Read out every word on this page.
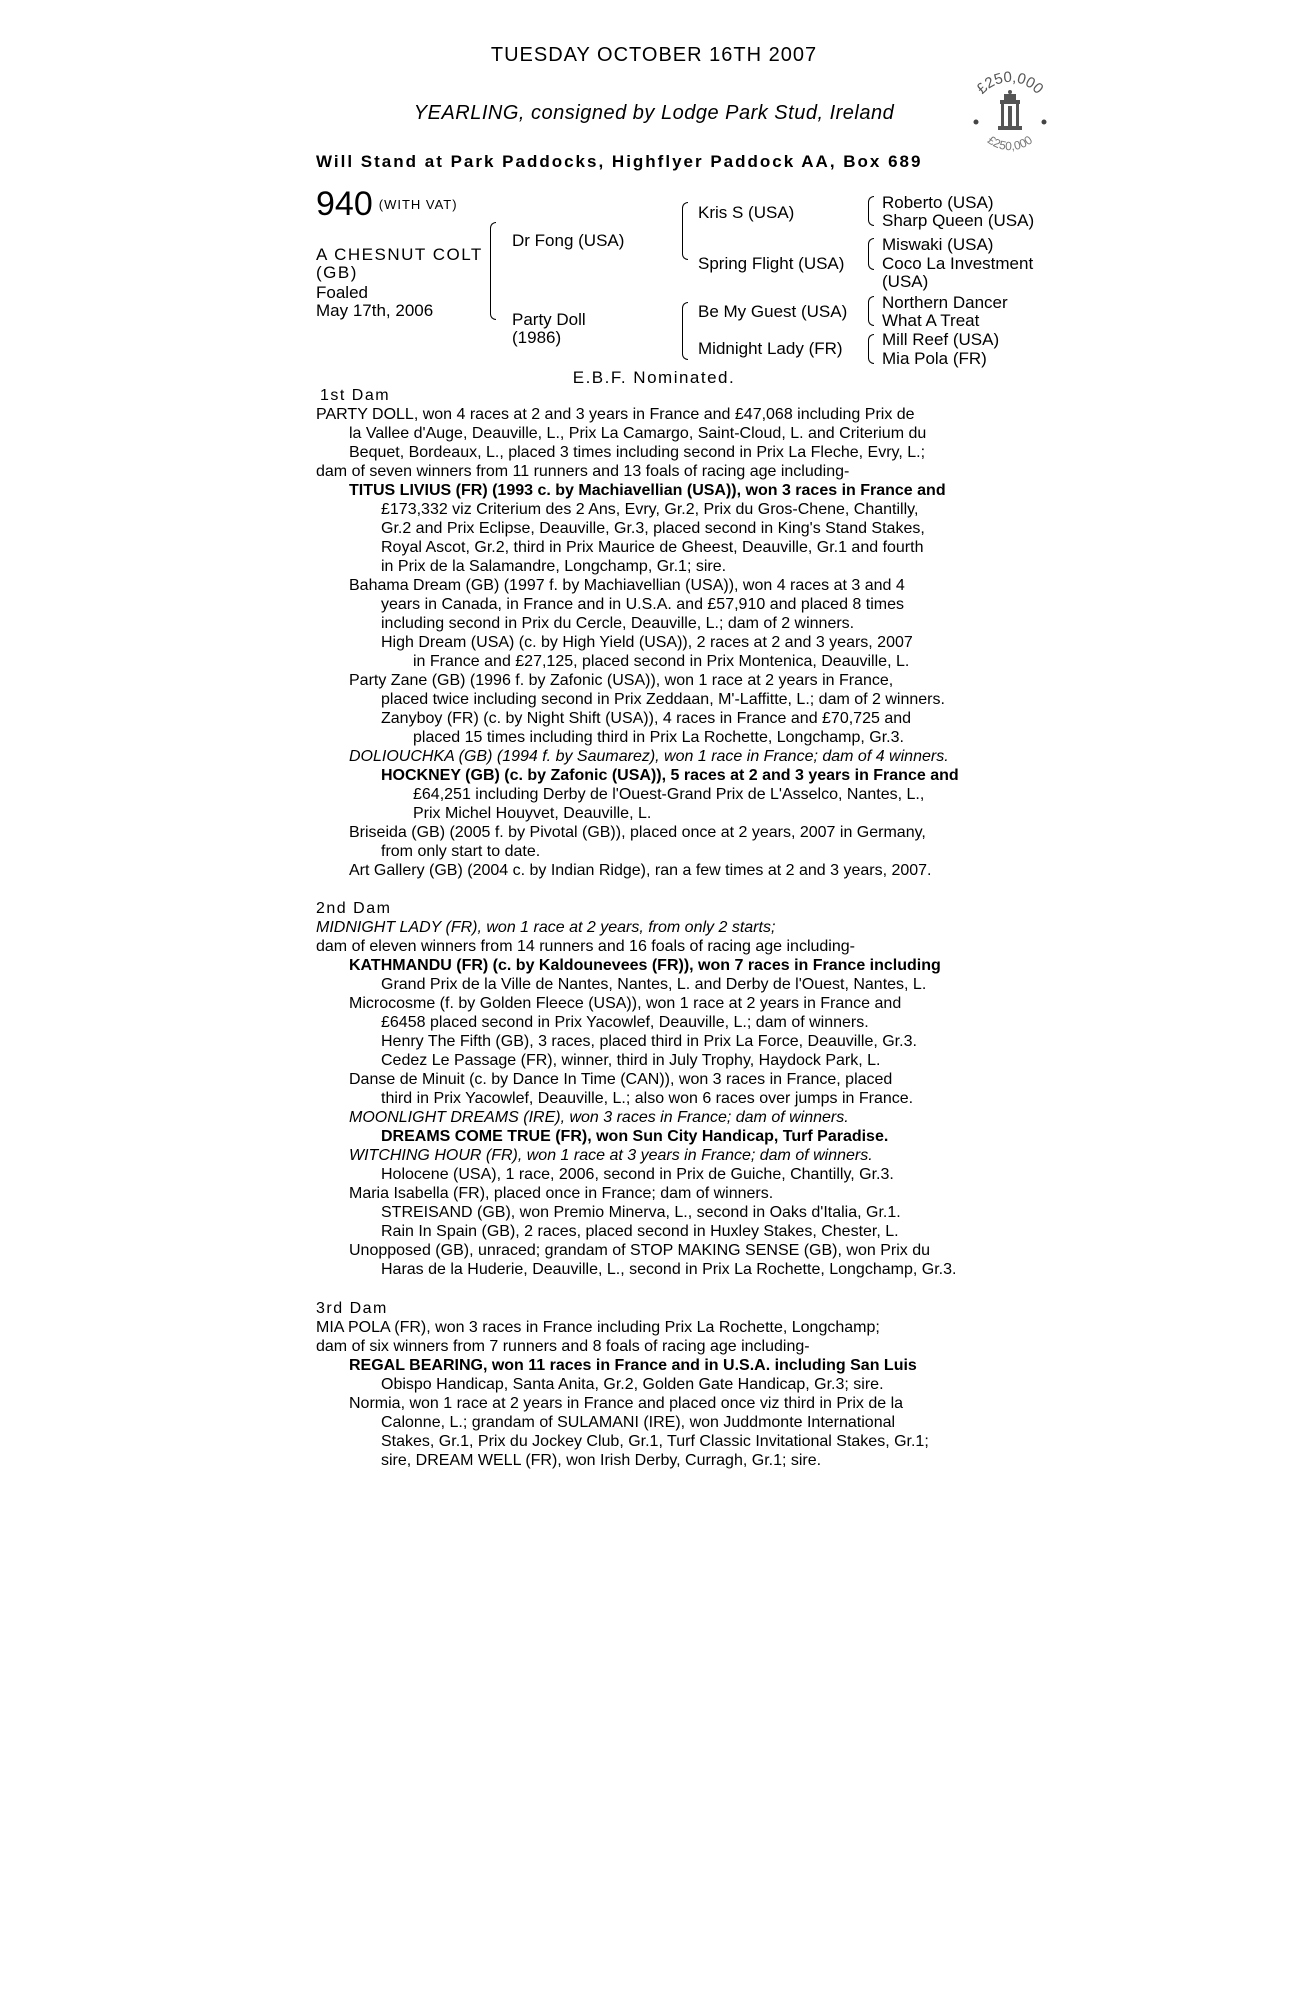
TUESDAY OCTOBER 16TH 2007
YEARLING, consigned by Lodge Park Stud, Ireland
Will Stand at Park Paddocks, Highflyer Paddock AA, Box 689
£250,000
£250,000
940 (WITH VAT)
A CHESNUT COLT
(GB)
Foaled
May 17th, 2006
Dr Fong (USA)
Party Doll
(1986)
Kris S (USA)
Spring Flight (USA)
Be My Guest (USA)
Midnight Lady (FR)
Roberto (USA)
Sharp Queen (USA)
Miswaki (USA)
Coco La Investment
(USA)
Northern Dancer
What A Treat
Mill Reef (USA)
Mia Pola (FR)
E.B.F. Nominated.
1st Dam
PARTY DOLL, won 4 races at 2 and 3 years in France and £47,068 including Prix de
la Vallee d'Auge, Deauville, L., Prix La Camargo, Saint-Cloud, L. and Criterium du
Bequet, Bordeaux, L., placed 3 times including second in Prix La Fleche, Evry, L.;
dam of seven winners from 11 runners and 13 foals of racing age including-
TITUS LIVIUS (FR) (1993 c. by Machiavellian (USA)), won 3 races in France and
£173,332 viz Criterium des 2 Ans, Evry, Gr.2, Prix du Gros-Chene, Chantilly,
Gr.2 and Prix Eclipse, Deauville, Gr.3, placed second in King's Stand Stakes,
Royal Ascot, Gr.2, third in Prix Maurice de Gheest, Deauville, Gr.1 and fourth
in Prix de la Salamandre, Longchamp, Gr.1; sire.
Bahama Dream (GB) (1997 f. by Machiavellian (USA)), won 4 races at 3 and 4
years in Canada, in France and in U.S.A. and £57,910 and placed 8 times
including second in Prix du Cercle, Deauville, L.; dam of 2 winners.
High Dream (USA) (c. by High Yield (USA)), 2 races at 2 and 3 years, 2007
in France and £27,125, placed second in Prix Montenica, Deauville, L.
Party Zane (GB) (1996 f. by Zafonic (USA)), won 1 race at 2 years in France,
placed twice including second in Prix Zeddaan, M'-Laffitte, L.; dam of 2 winners.
Zanyboy (FR) (c. by Night Shift (USA)), 4 races in France and £70,725 and
placed 15 times including third in Prix La Rochette, Longchamp, Gr.3.
DOLIOUCHKA (GB) (1994 f. by Saumarez), won 1 race in France; dam of 4 winners.
HOCKNEY (GB) (c. by Zafonic (USA)), 5 races at 2 and 3 years in France and
£64,251 including Derby de l'Ouest-Grand Prix de L'Asselco, Nantes, L.,
Prix Michel Houyvet, Deauville, L.
Briseida (GB) (2005 f. by Pivotal (GB)), placed once at 2 years, 2007 in Germany,
from only start to date.
Art Gallery (GB) (2004 c. by Indian Ridge), ran a few times at 2 and 3 years, 2007.
2nd Dam
MIDNIGHT LADY (FR), won 1 race at 2 years, from only 2 starts;
dam of eleven winners from 14 runners and 16 foals of racing age including-
KATHMANDU (FR) (c. by Kaldounevees (FR)), won 7 races in France including
Grand Prix de la Ville de Nantes, Nantes, L. and Derby de l'Ouest, Nantes, L.
Microcosme (f. by Golden Fleece (USA)), won 1 race at 2 years in France and
£6458 placed second in Prix Yacowlef, Deauville, L.; dam of winners.
Henry The Fifth (GB), 3 races, placed third in Prix La Force, Deauville, Gr.3.
Cedez Le Passage (FR), winner, third in July Trophy, Haydock Park, L.
Danse de Minuit (c. by Dance In Time (CAN)), won 3 races in France, placed
third in Prix Yacowlef, Deauville, L.; also won 6 races over jumps in France.
MOONLIGHT DREAMS (IRE), won 3 races in France; dam of winners.
DREAMS COME TRUE (FR), won Sun City Handicap, Turf Paradise.
WITCHING HOUR (FR), won 1 race at 3 years in France; dam of winners.
Holocene (USA), 1 race, 2006, second in Prix de Guiche, Chantilly, Gr.3.
Maria Isabella (FR), placed once in France; dam of winners.
STREISAND (GB), won Premio Minerva, L., second in Oaks d'Italia, Gr.1.
Rain In Spain (GB), 2 races, placed second in Huxley Stakes, Chester, L.
Unopposed (GB), unraced; grandam of STOP MAKING SENSE (GB), won Prix du
Haras de la Huderie, Deauville, L., second in Prix La Rochette, Longchamp, Gr.3.
3rd Dam
MIA POLA (FR), won 3 races in France including Prix La Rochette, Longchamp;
dam of six winners from 7 runners and 8 foals of racing age including-
REGAL BEARING, won 11 races in France and in U.S.A. including San Luis
Obispo Handicap, Santa Anita, Gr.2, Golden Gate Handicap, Gr.3; sire.
Normia, won 1 race at 2 years in France and placed once viz third in Prix de la
Calonne, L.; grandam of SULAMANI (IRE), won Juddmonte International
Stakes, Gr.1, Prix du Jockey Club, Gr.1, Turf Classic Invitational Stakes, Gr.1;
sire, DREAM WELL (FR), won Irish Derby, Curragh, Gr.1; sire.
